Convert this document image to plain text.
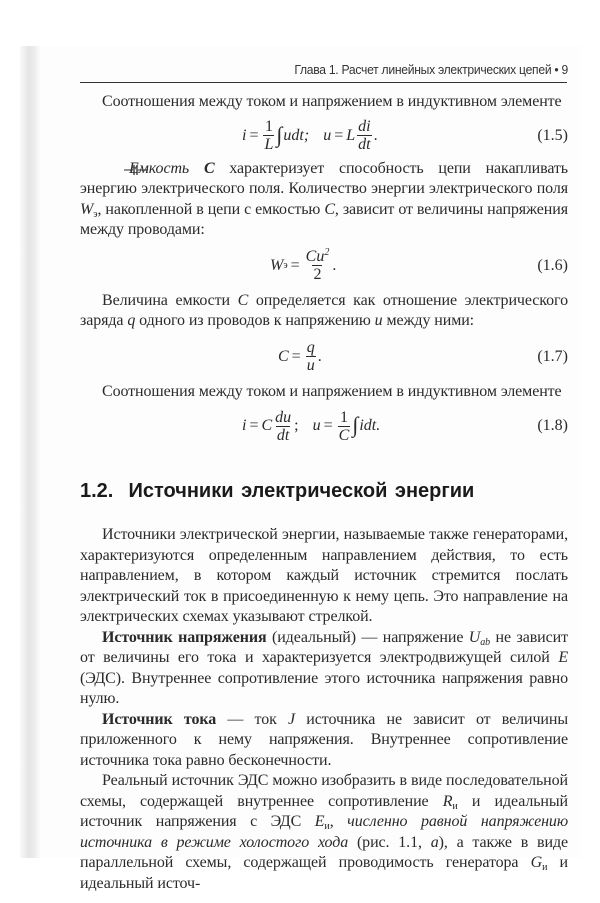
Глава 1. Расчет линейных электрических цепей • 9

Соотношения между током и напряжением в индуктивном элементе

$i = \frac{1}{L}$ ∫ udt; u = L $\frac{di}{dt}$ .	(1.5)

Емкость C характеризует способность цепи накапливать энергию электрического поля. Количество энергии электрического поля $W_э$, накопленной в цепи с емкостью C, зависит от величины напряжения между проводами:

W $э = \frac{Cu^2}{2}$ .	(1.6)

Величина емкости C определяется как отношение электрического заряда q одного из проводов к напряжению u между ними:

$C = \frac{q}{u}$ .	(1.7)

Соотношения между током и напряжением в индуктивном элементе

i = C $\frac{du}{dt}$ ; $u = \frac{1}{C}$ ∫ idt.	(1.8)
1.2. Источники электрической энергии

Источники электрической энергии, называемые также генераторами, характеризуются определенным направлением действия, то есть направлением, в котором каждый источник стремится послать электрический ток в присоединенную к нему цепь. Это направление на электрических схемах указывают стрелкой.

Источник напряжения (идеальный) — напряжение $U_{ab}$ не зависит от величины его тока и характеризуется электродвижущей силой E (ЭДС). Внутреннее сопротивление этого источника напряжения равно нулю.

Источник тока — ток J источника не зависит от величины приложенного к нему напряжения. Внутреннее сопротивление источника тока равно бесконечности.

Реальный источник ЭДС можно изобразить в виде последовательной схемы, содержащей внутреннее сопротивление $R_и$ и идеальный источник напряжения с ЭДС $E_и$, численно равной напряжению источника в режиме холостого хода (рис. 1.1, а), а также в виде параллельной схемы, содержащей проводимость генератора $G_и$ и идеальный источ-
